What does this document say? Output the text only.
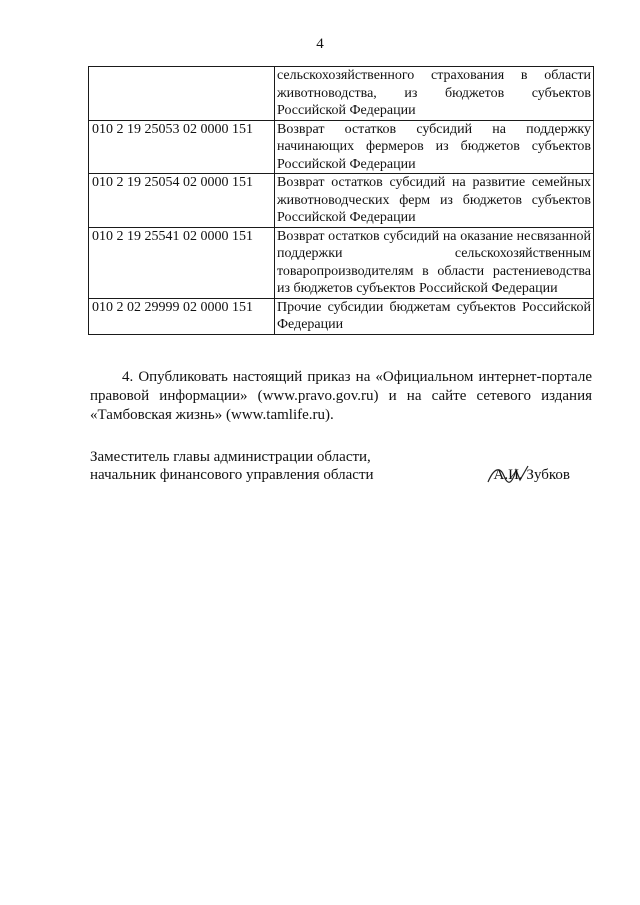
4
	сельскохозяйственного страхования в области животноводства, из бюджетов субъектов Российской Федерации
010 2 19 25053 02 0000 151	Возврат остатков субсидий на поддержку начинающих фермеров из бюджетов субъектов Российской Федерации
010 2 19 25054 02 0000 151	Возврат остатков субсидий на развитие семейных животноводческих ферм из бюджетов субъектов Российской Федерации
010 2 19 25541 02 0000 151	Возврат остатков субсидий на оказание несвязанной поддержки сельскохозяйственным товаропроизводителям в области растениеводства из бюджетов субъектов Российской Федерации
010 2 02 29999 02 0000 151	Прочие субсидии бюджетам субъектов Российской Федерации

4. Опубликовать настоящий приказ на «Официальном интернет-портале правовой информации» (www.pravo.gov.ru) и на сайте сетевого издания «Тамбовская жизнь» (www.tamlife.ru).

Заместитель главы администрации области,

начальник финансового управления области	А.И. Зубков
